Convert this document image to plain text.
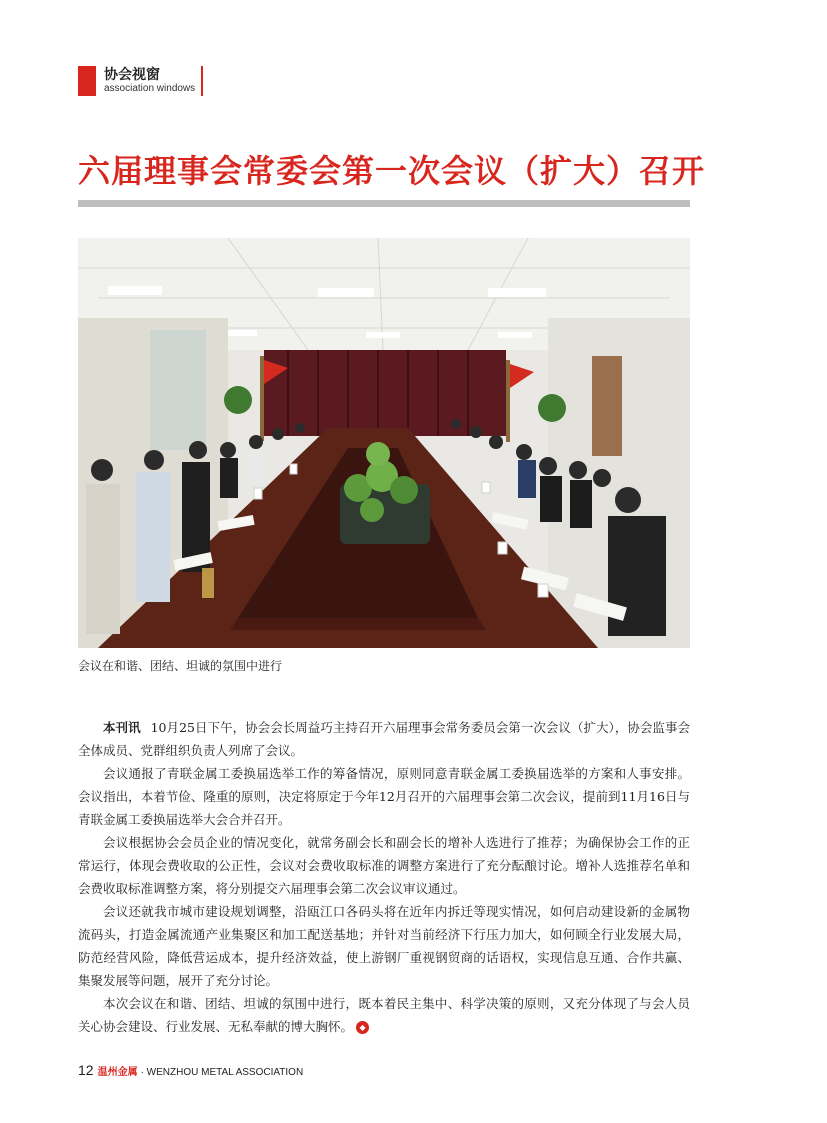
协会视窗
association windows
六届理事会常委会第一次会议（扩大）召开
会议在和谐、团结、坦诚的氛围中进行

本刊讯 10月25日下午，协会会长周益巧主持召开六届理事会常务委员会第一次会议（扩大），协会监事会全体成员、党群组织负责人列席了会议。

会议通报了青联金属工委换届选举工作的筹备情况，原则同意青联金属工委换届选举的方案和人事安排。会议指出，本着节俭、隆重的原则，决定将原定于今年12月召开的六届理事会第二次会议，提前到11月16日与青联金属工委换届选举大会合并召开。

会议根据协会会员企业的情况变化，就常务副会长和副会长的增补人选进行了推荐；为确保协会工作的正常运行，体现会费收取的公正性，会议对会费收取标准的调整方案进行了充分酝酿讨论。增补人选推荐名单和会费收取标准调整方案，将分别提交六届理事会第二次会议审议通过。

会议还就我市城市建设规划调整，沿瓯江口各码头将在近年内拆迁等现实情况，如何启动建设新的金属物流码头，打造金属流通产业集聚区和加工配送基地；并针对当前经济下行压力加大，如何顾全行业发展大局，防范经营风险，降低营运成本，提升经济效益，使上游钢厂重视钢贸商的话语权，实现信息互通、合作共赢、集聚发展等问题，展开了充分讨论。

本次会议在和谐、团结、坦诚的氛围中进行，既本着民主集中、科学决策的原则，又充分体现了与会人员关心协会建设、行业发展、无私奉献的博大胸怀。 ◆

12 温州金属 · WENZHOU METAL ASSOCIATION
